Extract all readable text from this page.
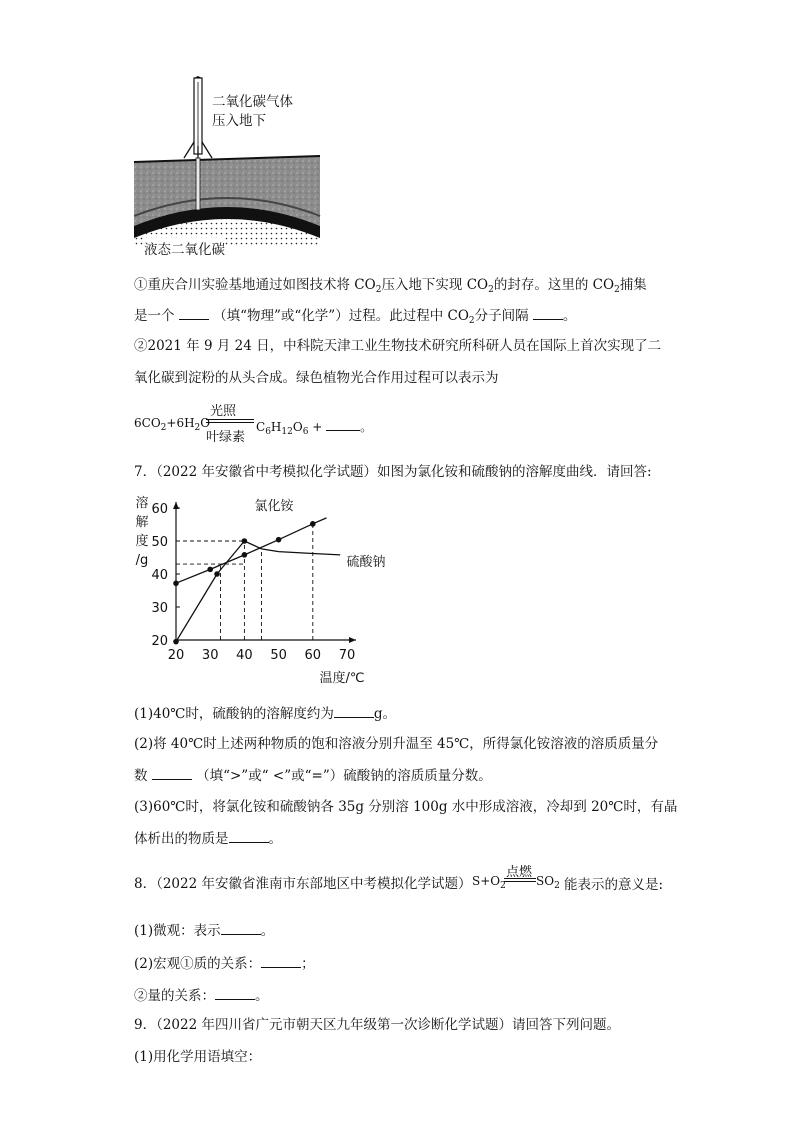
二氧化碳气体
压入地下
液态二氧化碳
①重庆合川实验基地通过如图技术将 $CO_2$压入地下实现 $CO_2$的封存。这里的 $CO_2$捕集
是一个	（填“物理”或“化学”）过程。此过程中 $CO_2$分子间隔	。
②2021 年 9 月 24 日，中科院天津工业生物技术研究所科研人员在国际上首次实现了二
氧化碳到淀粉的从头合成。绿色植物光合作用过程可以表示为
$6CO_2+6H_2O$
光照
叶绿素
$C_6H_{12}O_6$ +	。
7．（2022 年安徽省中考模拟化学试题）如图为氯化铵和硫酸钠的溶解度曲线．请回答:
20 30 40 50 60 70
20
30
40
50
60
溶
解
度
/g
温度/℃
氯化铵
硫酸钠
(1)40℃时，硫酸钠的溶解度约为	g。
(2)将 40℃时上述两种物质的饱和溶液分别升温至 45℃，所得氯化铵溶液的溶质质量分
数	（填“>”或“ <”或“=”）硫酸钠的溶质质量分数。
(3)60℃时，将氯化铵和硫酸钠各 35g 分别溶 100g 水中形成溶液，冷却到 20℃时，有晶
体析出的物质是	。
8．（2022 年安徽省淮南市东部地区中考模拟化学试题） $S+O_2$
点燃
$SO_2$ 能表示的意义是:
(1)微观：表示	。
(2)宏观①质的关系：	；
②量的关系：	。
9．（2022 年四川省广元市朝天区九年级第一次诊断化学试题）请回答下列问题。
(1)用化学用语填空：
